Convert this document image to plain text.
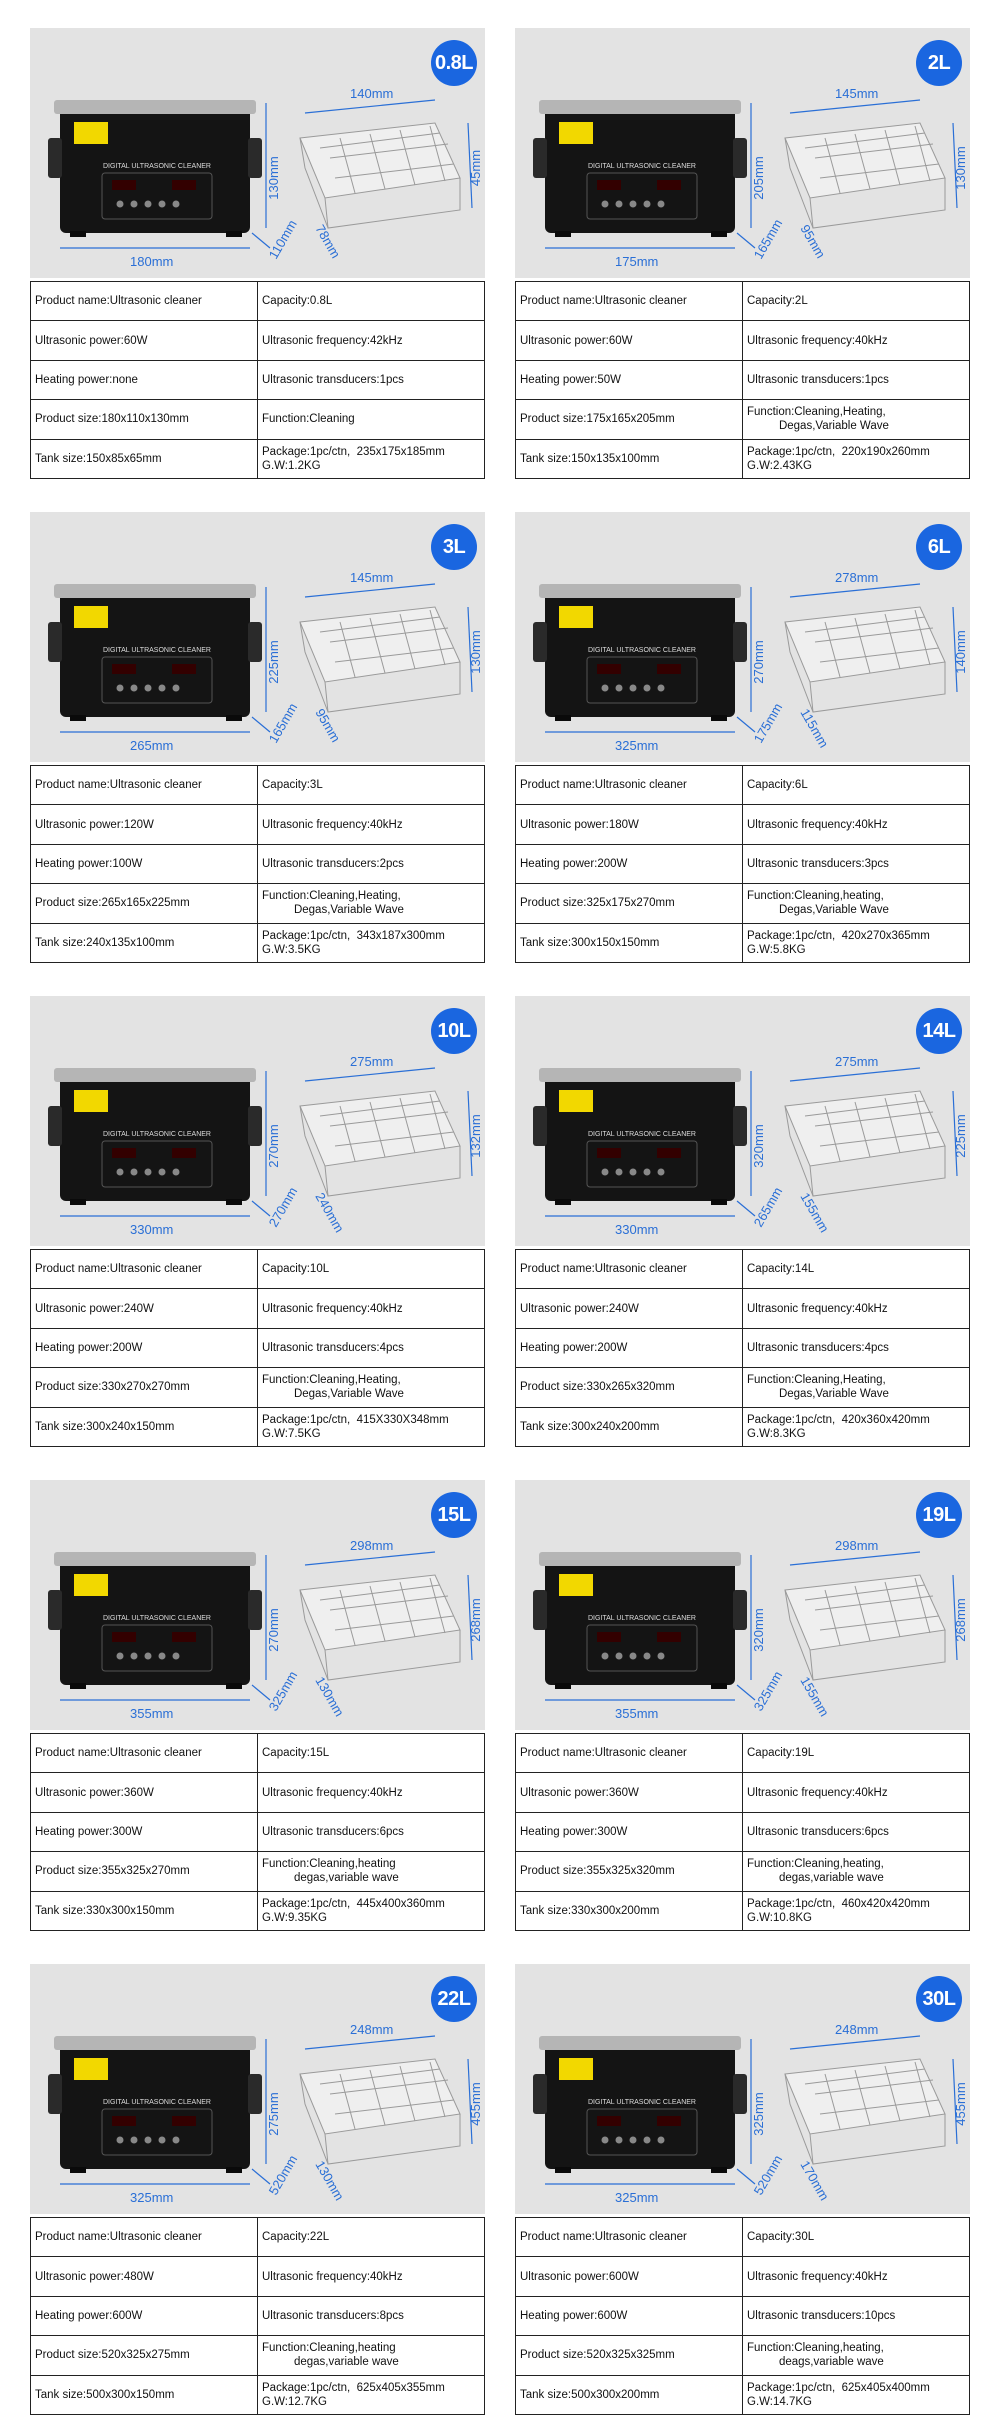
DIGITAL ULTRASONIC CLEANER
180mm
130mm
110mm
140mm
45mm
78mm
0.8L
Product name:Ultrasonic cleaner	Capacity:0.8L
Ultrasonic power:60W	Ultrasonic frequency:42kHz
Heating power:none	Ultrasonic transducers:1pcs
Product size:180x110x130mm	Function:Cleaning
Tank size:150x85x65mm	Package:1pc/ctn,  235x175x185mm
G.W:1.2KG
DIGITAL ULTRASONIC CLEANER
175mm
205mm
165mm
145mm
130mm
95mm
2L
Product name:Ultrasonic cleaner	Capacity:2L
Ultrasonic power:60W	Ultrasonic frequency:40kHz
Heating power:50W	Ultrasonic transducers:1pcs
Product size:175x165x205mm	Function:Cleaning,Heating,
Degas,Variable Wave
Tank size:150x135x100mm	Package:1pc/ctn,  220x190x260mm
G.W:2.43KG
DIGITAL ULTRASONIC CLEANER
265mm
225mm
165mm
145mm
130mm
95mm
3L
Product name:Ultrasonic cleaner	Capacity:3L
Ultrasonic power:120W	Ultrasonic frequency:40kHz
Heating power:100W	Ultrasonic transducers:2pcs
Product size:265x165x225mm	Function:Cleaning,Heating,
Degas,Variable Wave
Tank size:240x135x100mm	Package:1pc/ctn,  343x187x300mm
G.W:3.5KG
DIGITAL ULTRASONIC CLEANER
325mm
270mm
175mm
278mm
140mm
115mm
6L
Product name:Ultrasonic cleaner	Capacity:6L
Ultrasonic power:180W	Ultrasonic frequency:40kHz
Heating power:200W	Ultrasonic transducers:3pcs
Product size:325x175x270mm	Function:Cleaning,heating,
Degas,Variable Wave
Tank size:300x150x150mm	Package:1pc/ctn,  420x270x365mm
G.W:5.8KG
DIGITAL ULTRASONIC CLEANER
330mm
270mm
270mm
275mm
132mm
240mm
10L
Product name:Ultrasonic cleaner	Capacity:10L
Ultrasonic power:240W	Ultrasonic frequency:40kHz
Heating power:200W	Ultrasonic transducers:4pcs
Product size:330x270x270mm	Function:Cleaning,Heating,
Degas,Variable Wave
Tank size:300x240x150mm	Package:1pc/ctn,  415X330X348mm
G.W:7.5KG
DIGITAL ULTRASONIC CLEANER
330mm
320mm
265mm
275mm
225mm
155mm
14L
Product name:Ultrasonic cleaner	Capacity:14L
Ultrasonic power:240W	Ultrasonic frequency:40kHz
Heating power:200W	Ultrasonic transducers:4pcs
Product size:330x265x320mm	Function:Cleaning,Heating,
Degas,Variable Wave
Tank size:300x240x200mm	Package:1pc/ctn,  420x360x420mm
G.W:8.3KG
DIGITAL ULTRASONIC CLEANER
355mm
270mm
325mm
298mm
268mm
130mm
15L
Product name:Ultrasonic cleaner	Capacity:15L
Ultrasonic power:360W	Ultrasonic frequency:40kHz
Heating power:300W	Ultrasonic transducers:6pcs
Product size:355x325x270mm	Function:Cleaning,heating
degas,variable wave
Tank size:330x300x150mm	Package:1pc/ctn,  445x400x360mm
G.W:9.35KG
DIGITAL ULTRASONIC CLEANER
355mm
320mm
325mm
298mm
268mm
155mm
19L
Product name:Ultrasonic cleaner	Capacity:19L
Ultrasonic power:360W	Ultrasonic frequency:40kHz
Heating power:300W	Ultrasonic transducers:6pcs
Product size:355x325x320mm	Function:Cleaning,heating,
degas,variable wave
Tank size:330x300x200mm	Package:1pc/ctn,  460x420x420mm
G.W:10.8KG
DIGITAL ULTRASONIC CLEANER
325mm
275mm
520mm
248mm
455mm
130mm
22L
Product name:Ultrasonic cleaner	Capacity:22L
Ultrasonic power:480W	Ultrasonic frequency:40kHz
Heating power:600W	Ultrasonic transducers:8pcs
Product size:520x325x275mm	Function:Cleaning,heating
degas,variable wave
Tank size:500x300x150mm	Package:1pc/ctn,  625x405x355mm
G.W:12.7KG
DIGITAL ULTRASONIC CLEANER
325mm
325mm
520mm
248mm
455mm
170mm
30L
Product name:Ultrasonic cleaner	Capacity:30L
Ultrasonic power:600W	Ultrasonic frequency:40kHz
Heating power:600W	Ultrasonic transducers:10pcs
Product size:520x325x325mm	Function:Cleaning,heating,
deags,variable wave
Tank size:500x300x200mm	Package:1pc/ctn,  625x405x400mm
G.W:14.7KG
